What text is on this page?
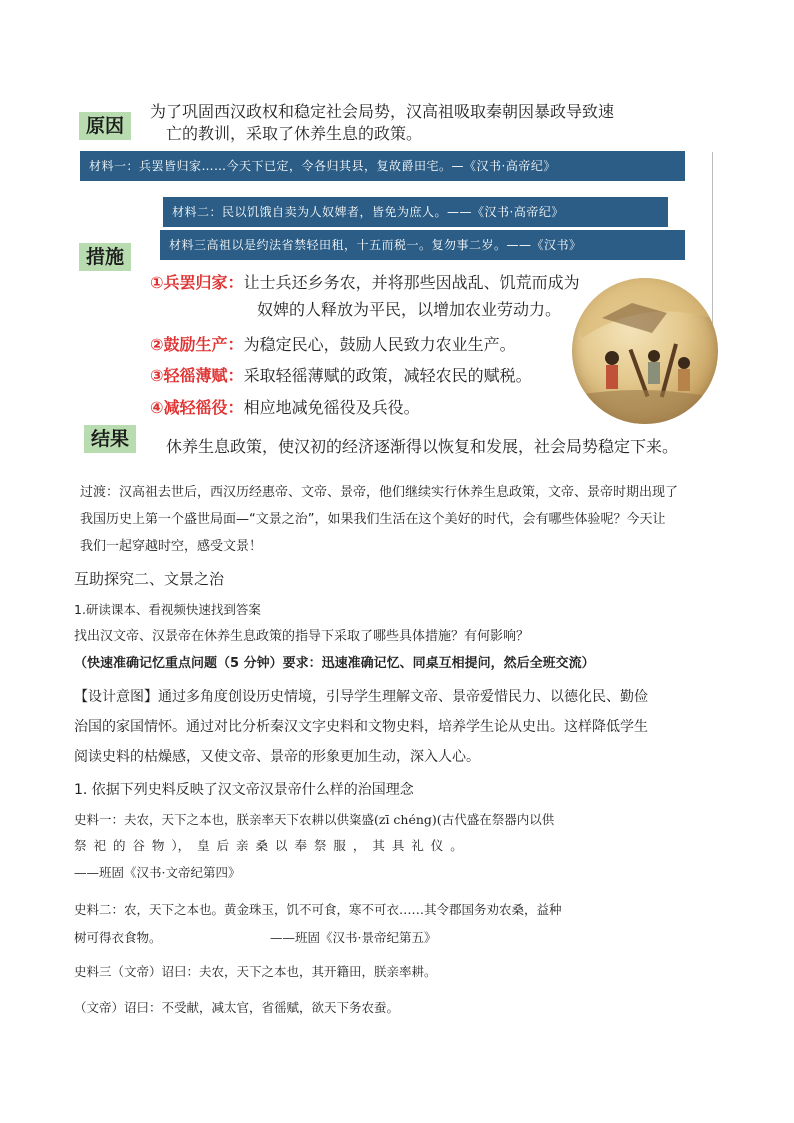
原因
为了巩固西汉政权和稳定社会局势，汉高祖吸取秦朝因暴政导致速
亡的教训，采取了休养生息的政策。
材料一：兵罢皆归家……今天下已定，令各归其县，复故爵田宅。—《汉书·高帝纪》
材料二：民以饥饿自卖为人奴婢者，皆免为庶人。——《汉书·高帝纪》
材料三高祖以是约法省禁轻田租，十五而税一。复勿事二岁。——《汉书》
措施
①兵罢归家：让士兵还乡务农，并将那些因战乱、饥荒而成为
奴婢的人释放为平民，以增加农业劳动力。
②鼓励生产：为稳定民心，鼓励人民致力农业生产。
③轻徭薄赋：采取轻徭薄赋的政策，减轻农民的赋税。
④减轻徭役：相应地减免徭役及兵役。
结果	休养生息政策，使汉初的经济逐渐得以恢复和发展，社会局势稳定下来。
过渡：汉高祖去世后，西汉历经惠帝、文帝、景帝，他们继续实行休养生息政策，文帝、景帝时期出现了
我国历史上第一个盛世局面—“文景之治”，如果我们生活在这个美好的时代，会有哪些体验呢？今天让
我们一起穿越时空，感受文景！
互助探究二、文景之治
1.研读课本、看视频快速找到答案
找出汉文帝、汉景帝在休养生息政策的指导下采取了哪些具体措施？有何影响？
（快速准确记忆重点问题（5 分钟）要求：迅速准确记忆、同桌互相提问，然后全班交流）
【设计意图】通过多角度创设历史情境，引导学生理解文帝、景帝爱惜民力、以德化民、勤俭
治国的家国情怀。通过对比分析秦汉文字史料和文物史料，培养学生论从史出。这样降低学生
阅读史料的枯燥感，又使文帝、景帝的形象更加生动，深入人心。
1. 依据下列史料反映了汉文帝汉景帝什么样的治国理念
史料一：夫农，天下之本也，朕亲率天下农耕以供粢盛(zī chéng)(古代盛在祭器内以供
祭 祀 的 谷 物 ）， 皇 后 亲 桑 以 奉 祭 服 ， 其 具 礼 仪 。
——班固《汉书·文帝纪第四》
史料二：农，天下之本也。黄金珠玉，饥不可食，寒不可衣……其令郡国务劝农桑，益种
树可得衣食物。	——班固《汉书·景帝纪第五》
史料三（文帝）诏曰：夫农，天下之本也，其开籍田，朕亲率耕。
（文帝）诏曰：不受献，减太官，省徭赋，欲天下务农蚕。
